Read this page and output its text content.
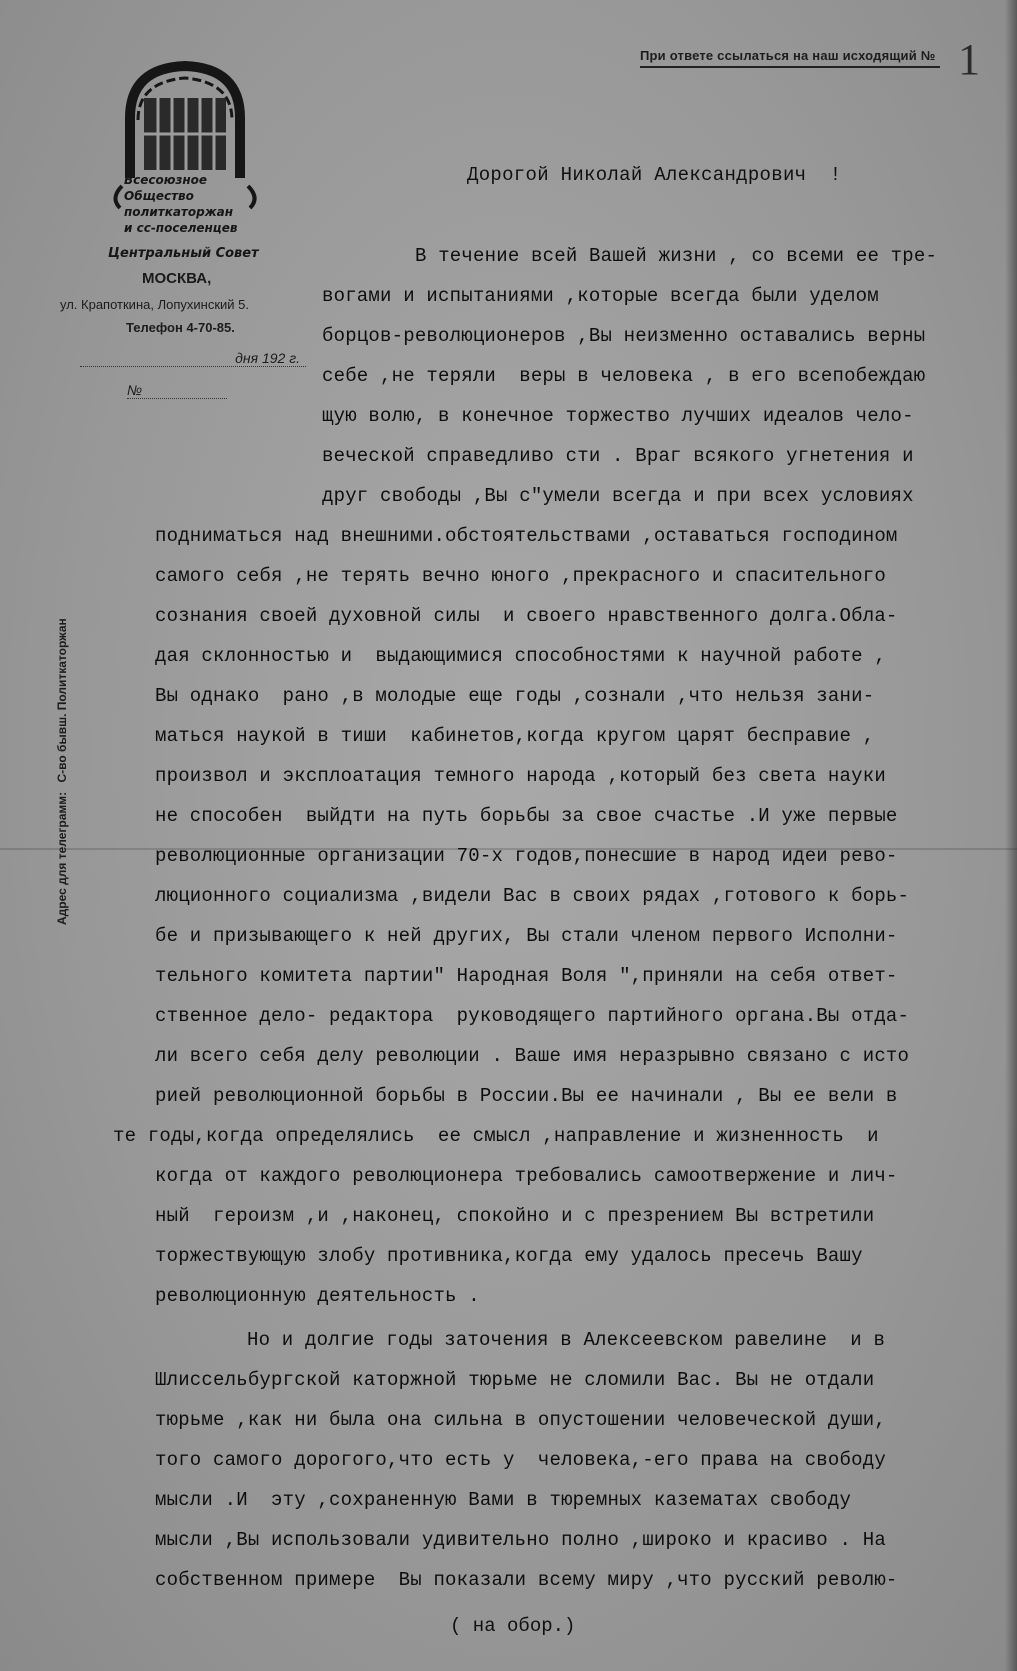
При ответе ссылаться на наш исходящий № 1
Всесоюзное
Общество
политкаторжан
и сс-поселенцев
Центральный Совет
МОСКВА,
ул. Крапоткина, Лопухинский 5.
Телефон 4-70-85.
дня 192 г.
№
Адрес для телеграмм: С-во бывш. Политкаторжан
Дорогой Николай Александрович  !
В течение всей Вашей жизни , со всеми ее тре-
вогами и испытаниями ,которые всегда были уделом
борцов-революционеров ,Вы неизменно оставались верны
себе ,не теряли  веры в человека , в его всепобеждаю
щую волю, в конечное торжество лучших идеалов чело-
веческой справедливо сти . Враг всякого угнетения и
друг свободы ,Вы с"умели всегда и при всех условиях
подниматься над внешними.обстоятельствами ,оставаться господином
самого себя ,не терять вечно юного ,прекрасного и спасительного
сознания своей духовной силы  и своего нравственного долга.Обла-
дая склонностью и  выдающимися способностями к научной работе ,
Вы однако  рано ,в молодые еще годы ,сознали ,что нельзя зани-
маться наукой в тиши  кабинетов,когда кругом царят бесправие ,
произвол и эксплоатация темного народа ,который без света науки
не способен  выйдти на путь борьбы за свое счастье .И уже первые
революционные организации 70-х годов,понесшие в народ идеи рево-
люционного социализма ,видели Вас в своих рядах ,готового к борь-
бе и призывающего к ней других, Вы стали членом первого Исполни-
тельного комитета партии" Народная Воля ",приняли на себя ответ-
ственное дело- редактора  руководящего партийного органа.Вы отда-
ли всего себя делу революции . Ваше имя неразрывно связано с исто
рией революционной борьбы в России.Вы ее начинали , Вы ее вели в
те годы,когда определялись  ее смысл ,направление и жизненность  и
когда от каждого революционера требовались самоотвержение и лич-
ный  героизм ,и ,наконец, спокойно и с презрением Вы встретили
торжествующую злобу противника,когда ему удалось пресечь Вашу
революционную деятельность .
Но и долгие годы заточения в Алексеевском равелине  и в
Шлиссельбургской каторжной тюрьме не сломили Вас. Вы не отдали
тюрьме ,как ни была она сильна в опустошении человеческой души,
того самого дорогого,что есть у  человека,-его права на свободу
мысли .И  эту ,сохраненную Вами в тюремных казематах свободу
мысли ,Вы использовали удивительно полно ,широко и красиво . На
собственном примере  Вы показали всему миру ,что русский револю-
( на обор.)
